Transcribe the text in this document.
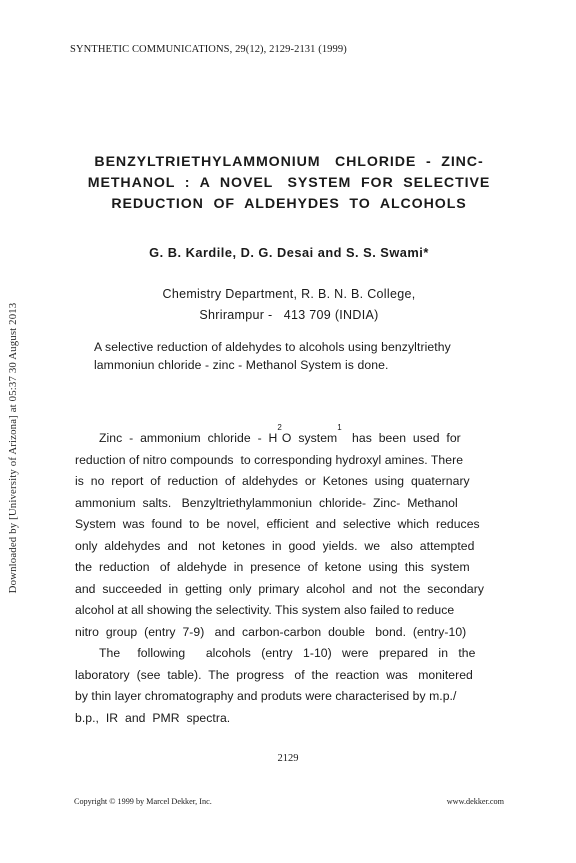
SYNTHETIC COMMUNICATIONS, 29(12), 2129-2131 (1999)
BENZYLTRIETHYLAMMONIUM   CHLORIDE  -  ZINC-
METHANOL  :  A  NOVEL   SYSTEM  FOR  SELECTIVE
REDUCTION  OF  ALDEHYDES  TO  ALCOHOLS
G. B. Kardile, D. G. Desai and S. S. Swami*
Chemistry Department, R. B. N. B. College,
Shrirampur -   413 709 (INDIA)
A selective reduction of aldehydes to alcohols using benzyltriethy
lammoniun chloride - zinc - Methanol System is done.
Zinc  -  ammonium  chloride  -  H
2
O  system
1
has  been  used  for
reduction of nitro compounds  to corresponding hydroxyl amines. There
is  no  report  of  reduction  of  aldehydes  or  Ketones  using  quaternary
ammonium  salts.   Benzyltriethylammoniun  chloride-  Zinc-  Methanol
System  was  found  to  be  novel,  efficient  and  selective  which  reduces
only  aldehydes  and   not  ketones  in  good  yields.  we   also  attempted
the  reduction   of  aldehyde  in  presence  of  ketone  using  this  system
and  succeeded  in  getting  only  primary  alcohol  and  not  the  secondary
alcohol at all showing the selectivity. This system also failed to reduce
nitro  group  (entry  7-9)   and  carbon-carbon  double   bond.  (entry-10)
The     following      alcohols   (entry   1-10)   were   prepared   in   the
laboratory  (see  table).  The  progress   of  the  reaction  was   monitered
by thin layer chromatography and produts were characterised by m.p./
b.p.,  IR  and  PMR  spectra.
2129
Copyright © 1999 by Marcel Dekker, Inc.	www.dekker.com
Downloaded by [University of Arizona] at 05:37 30 August 2013
